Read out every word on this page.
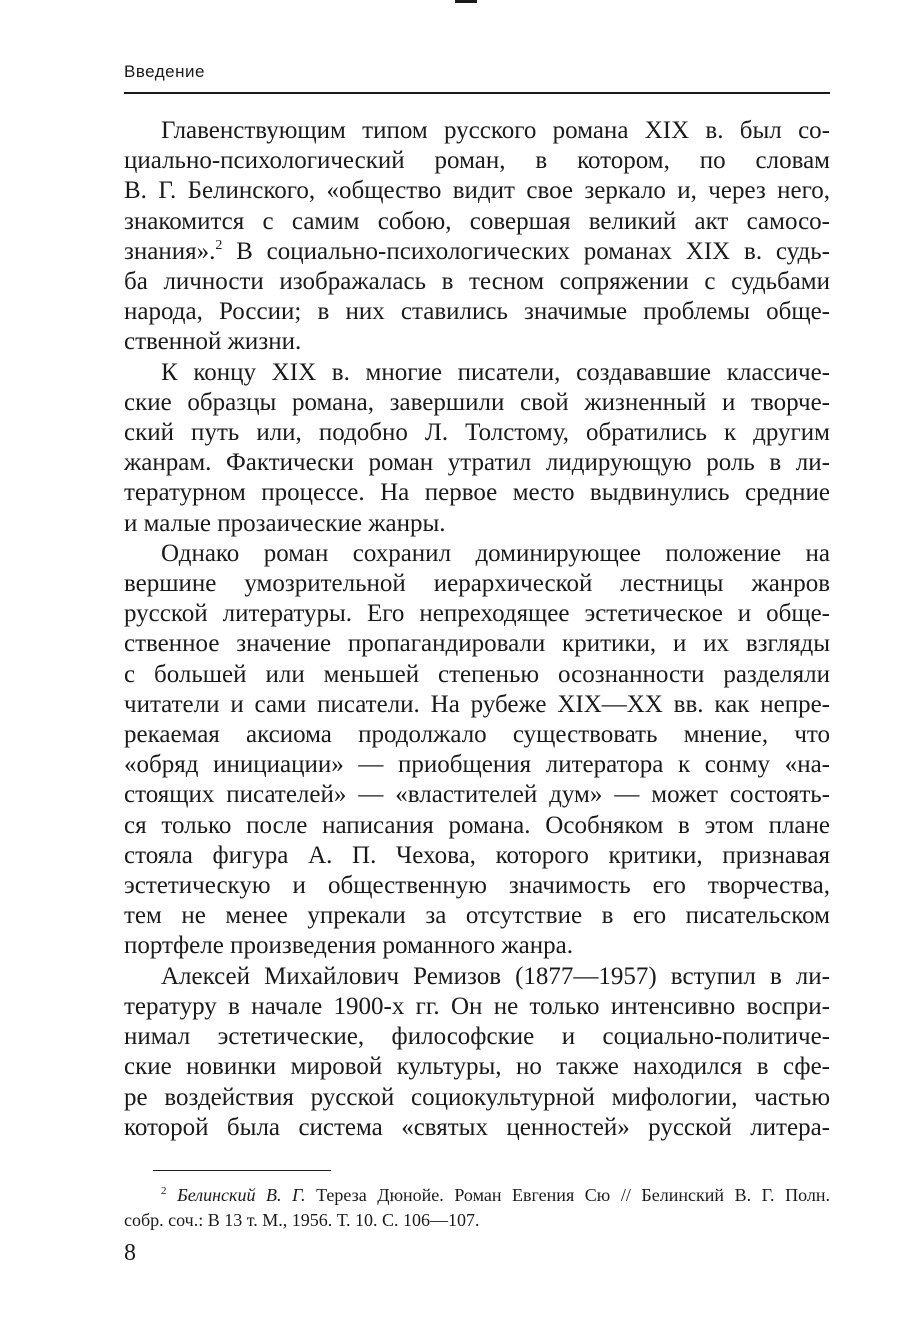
Введение
Главенствующим типом русского романа XIX в. был со-
циально-психологический роман, в котором, по словам
В. Г. Белинского, «общество видит свое зеркало и, через него,
знакомится с самим собою, совершая великий акт самосо-
знания».$^2$ В социально-психологических романах XIX в. судь-
ба личности изображалась в тесном сопряжении с судьбами
народа, России; в них ставились значимые проблемы обще-
ственной жизни.
К концу XIX в. многие писатели, создававшие классиче-
ские образцы романа, завершили свой жизненный и творче-
ский путь или, подобно Л. Толстому, обратились к другим
жанрам. Фактически роман утратил лидирующую роль в ли-
тературном процессе. На первое место выдвинулись средние
и малые прозаические жанры.
Однако роман сохранил доминирующее положение на
вершине умозрительной иерархической лестницы жанров
русской литературы. Его непреходящее эстетическое и обще-
ственное значение пропагандировали критики, и их взгляды
с большей или меньшей степенью осознанности разделяли
читатели и сами писатели. На рубеже XIX—XX вв. как непре-
рекаемая аксиома продолжало существовать мнение, что
«обряд инициации» — приобщения литератора к сонму «на-
стоящих писателей» — «властителей дум» — может состоять-
ся только после написания романа. Особняком в этом плане
стояла фигура А. П. Чехова, которого критики, признавая
эстетическую и общественную значимость его творчества,
тем не менее упрекали за отсутствие в его писательском
портфеле произведения романного жанра.
Алексей Михайлович Ремизов (1877—1957) вступил в ли-
тературу в начале 1900-х гг. Он не только интенсивно воспри-
нимал эстетические, философские и социально-политиче-
ские новинки мировой культуры, но также находился в сфе-
ре воздействия русской социокультурной мифологии, частью
которой была система «святых ценностей» русской литера-
$^2$ Белинский В. Г. Тереза Дюнойе. Роман Евгения Сю // Белинский В. Г. Полн.
собр. соч.: В 13 т. М., 1956. Т. 10. С. 106—107.
8
